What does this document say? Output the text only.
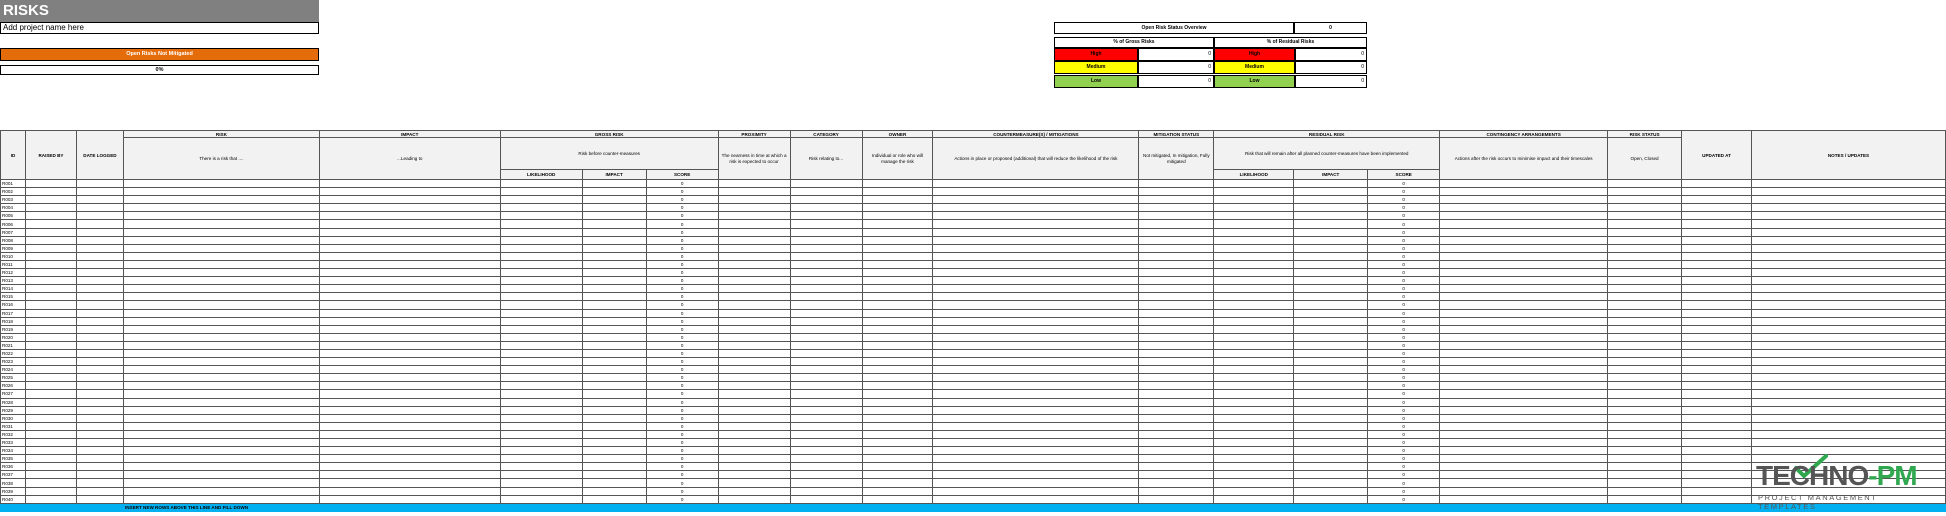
RISKS
Add project name here
Open Risks Not Mitigated
0%
Open Risk Status Overview	0
% of Gross Risks	% of Residual Risks
High	0	High	0
Medium	0	Medium	0
Low	0	Low	0
ID	RAISED BY	DATE LOGGED	RISK	IMPACT	GROSS RISK			PROXIMITY	CATEGORY	OWNER	COUNTERMEASURE(S) / MITIGATIONS	MITIGATION STATUS	RESIDUAL RISK			CONTINGENCY ARRANGEMENTS	RISK STATUS	UPDATED AT	NOTES / UPDATES
			There is a risk that ....	...Leading to	Risk before counter-measures			The nearness in time at which a risk is expected to occur	Risk relating to...	Individual or role who will manage the risk	Actions in place or proposed (additional) that will reduce the likelihood of the risk	Not mitigated, In mitigation, Fully mitigated	Risk that will remain after all planned counter-measures have been implemented			Actions after the risk occurs to minimise impact and their timescales	Open, Closed		
					LIKELIHOOD	IMPACT	SCORE						LIKELIHOOD	IMPACT	SCORE				
R001							0								0				
R002							0								0				
R003							0								0				
R004							0								0				
R005							0								0				
R006							0								0				
R007							0								0				
R008							0								0				
R009							0								0				
R010							0								0				
R011							0								0				
R012							0								0				
R013							0								0				
R014							0								0				
R015							0								0				
R016							0								0				
R017							0								0				
R018							0								0				
R019							0								0				
R020							0								0				
R021							0								0				
R022							0								0				
R023							0								0				
R024							0								0				
R025							0								0				
R026							0								0				
R027							0								0				
R028							0								0				
R029							0								0				
R030							0								0				
R031							0								0				
R032							0								0				
R033							0								0				
R034							0								0				
R035							0								0				
R036							0								0				
R037							0								0				
R038							0								0				
R039							0								0				
R040							0								0				
			INSERT NEW ROWS ABOVE THIS LINE AND FILL DOWN																
TECHNO-PM
PROJECT MANAGEMENT TEMPLATES
